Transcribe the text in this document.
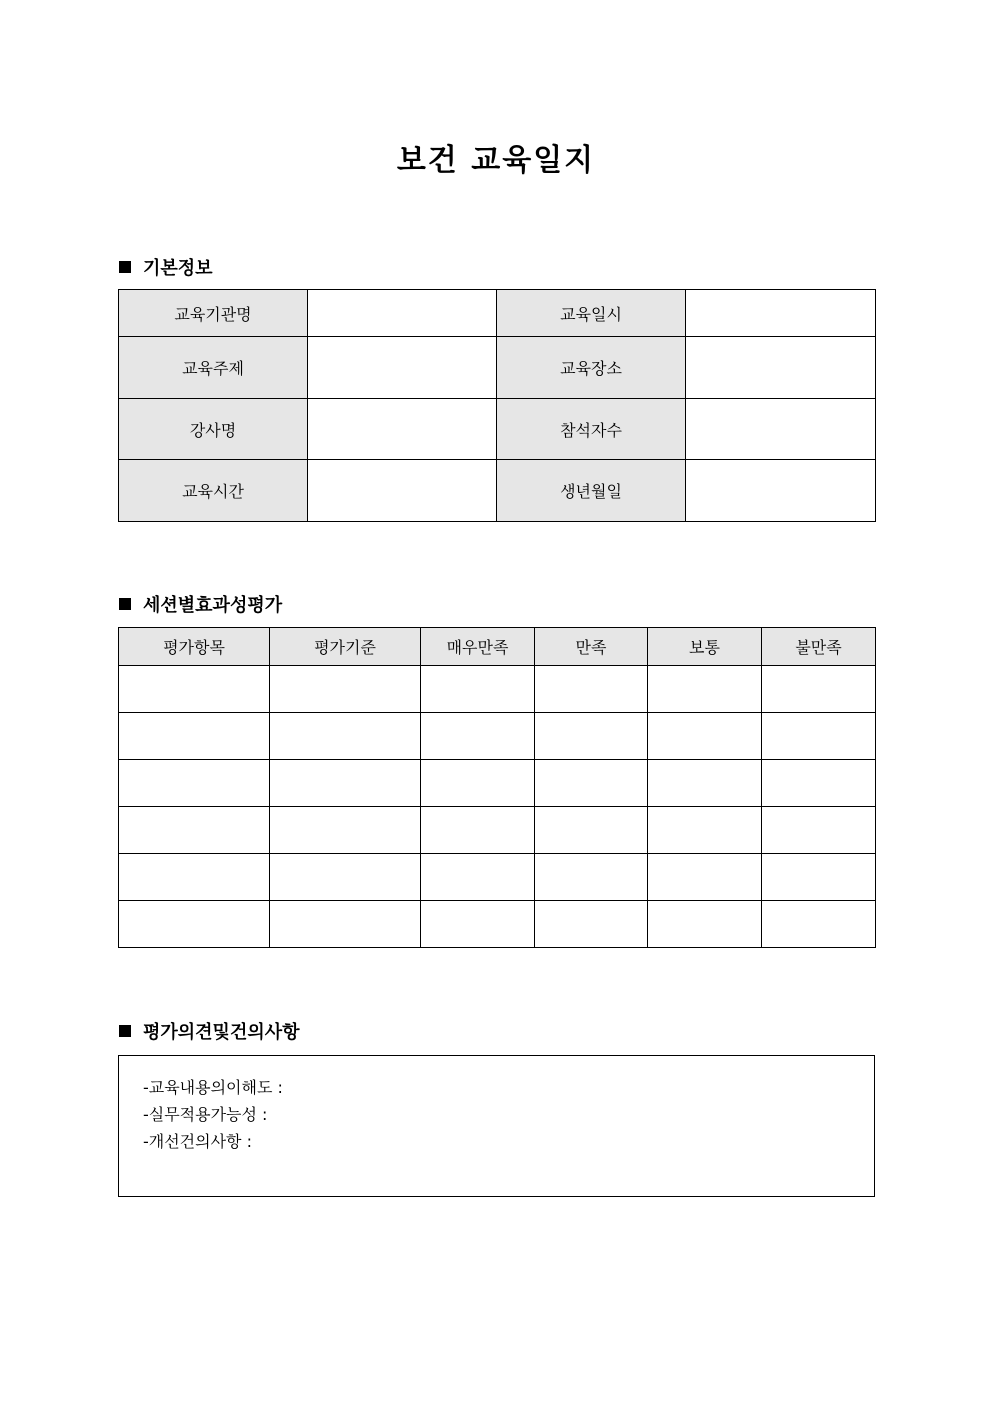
보건 교육일지
기본정보
교육기관명		교육일시	
교육주제		교육장소	
강사명		참석자수	
교육시간		생년월일	
세션별효과성평가
평가항목	평가기준	매우만족	만족	보통	불만족

평가의견및건의사항
-교육내용의이해도 :
-실무적용가능성 :
-개선건의사항 :
